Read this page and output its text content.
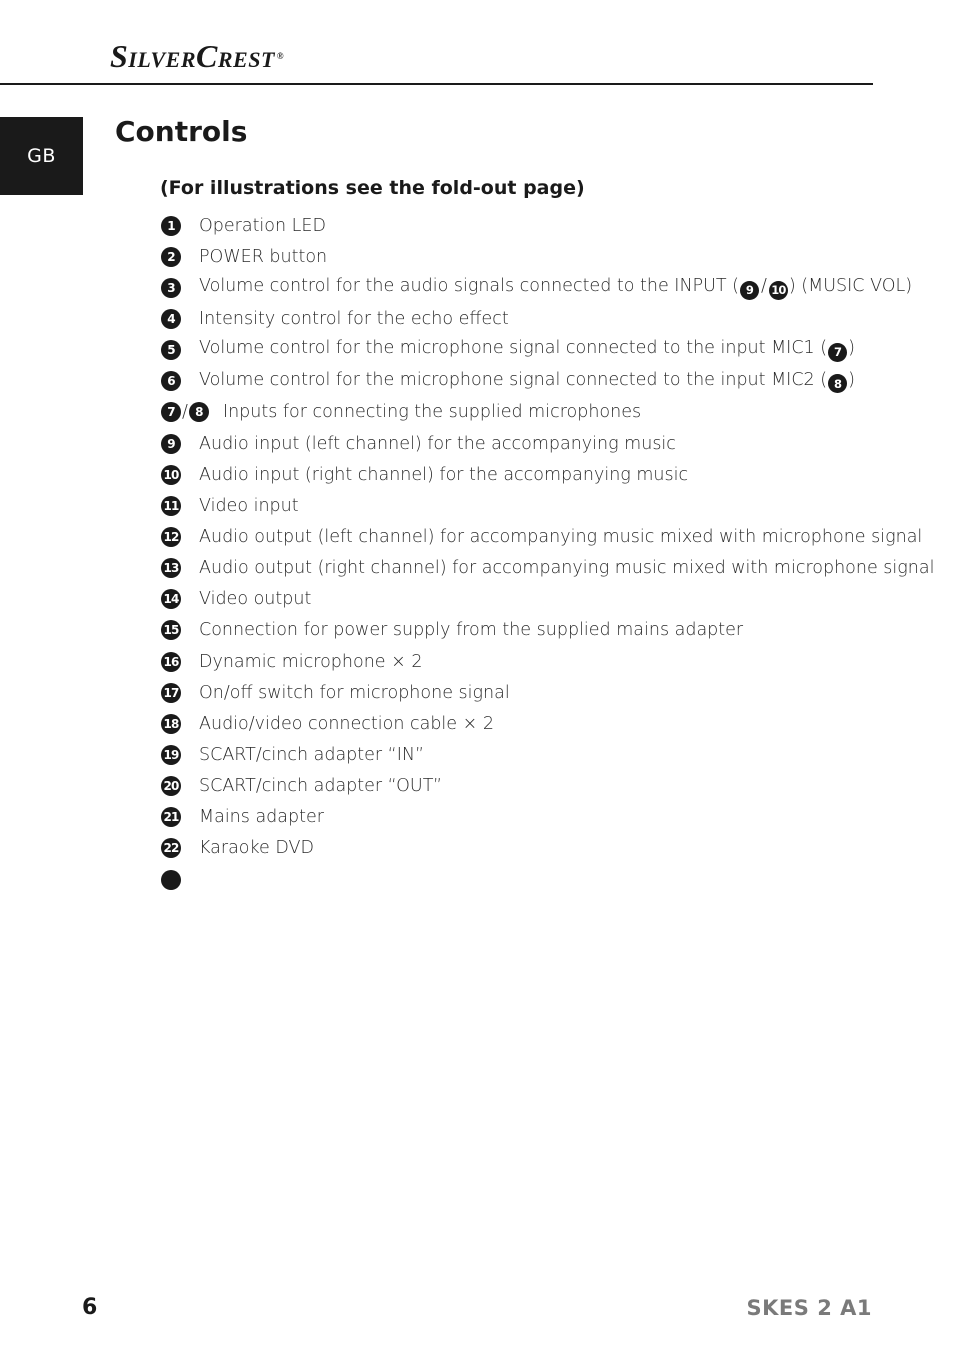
SILVERCREST ®
GB
Controls
(For illustrations see the fold-out page)
1	Operation LED
2	POWER button
3	Volume control for the audio signals connected to the INPUT ( 9 / 10 ) (MUSIC VOL)
4	Intensity control for the echo effect
5	Volume control for the microphone signal connected to the input MIC1 ( 7 )
6	Volume control for the microphone signal connected to the input MIC2 ( 8 )
7 / 8	Inputs for connecting the supplied microphones
9	Audio input (left channel) for the accompanying music
10 Audio input (right channel) for the accompanying music
11 Video input
12 Audio output (left channel) for accompanying music mixed with microphone signal
13 Audio output (right channel) for accompanying music mixed with microphone signal
14 Video output
15 Connection for power supply from the supplied mains adapter
16 Dynamic microphone × 2
17 On/off switch for microphone signal
18 Audio/video connection cable × 2
19 SCART/cinch adapter “IN”
20 SCART/cinch adapter “OUT”
21 Mains adapter
22 Karaoke DVD
6	SKES 2 A1
